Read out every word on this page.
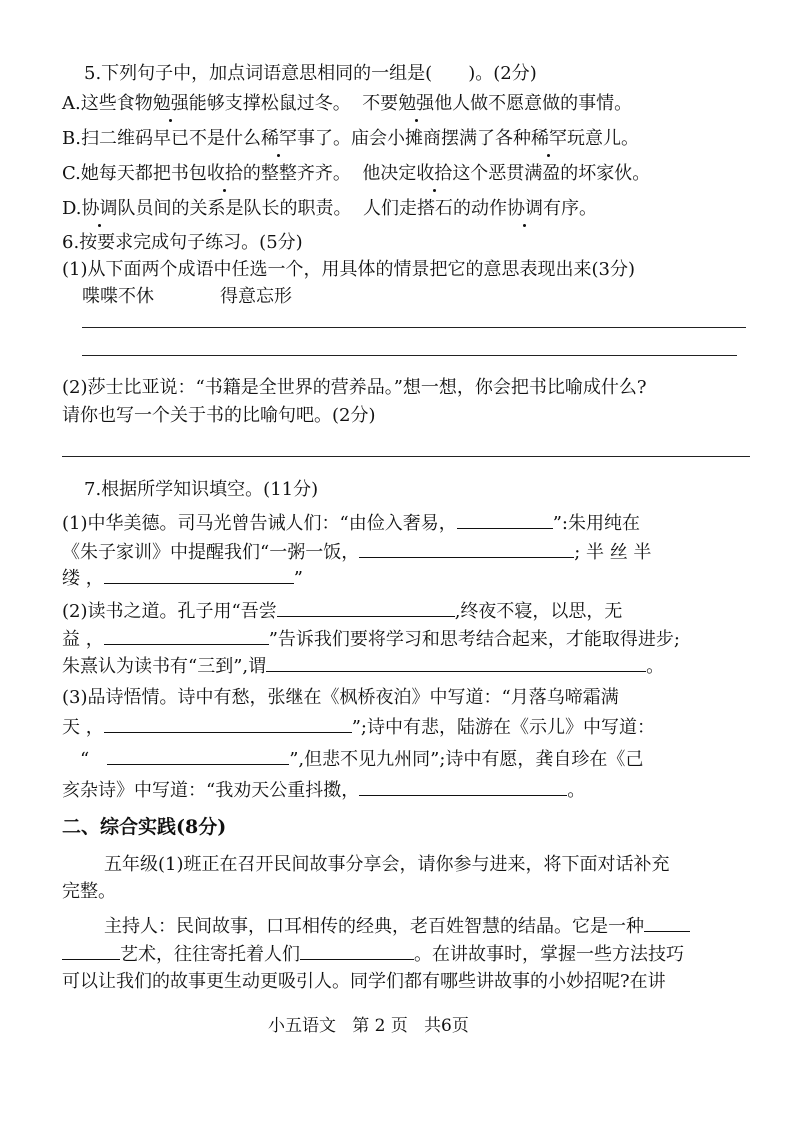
5.下列句子中，加点词语意思相同的一组是(　　)。(2分)
A.这些食物勉强能够支撑松鼠过冬。 不要勉强他人做不愿意做的事情。
B.扫二维码早已不是什么稀罕事了。庙会小摊商摆满了各种稀罕玩意儿。
C.她每天都把书包收拾的整整齐齐。 他决定收拾这个恶贯满盈的坏家伙。
D.协调队员间的关系是队长的职责。 人们走搭石的动作协调有序。
6.按要求完成句子练习。(5分)
(1)从下面两个成语中任选一个，用具体的情景把它的意思表现出来(3分)
喋喋不休	得意忘形
(2)莎士比亚说：“书籍是全世界的营养品。”想一想，你会把书比喻成什么?
请你也写一个关于书的比喻句吧。(2分)
7.根据所学知识填空。(11分)
(1)中华美德。司马光曾告诫人们：“由俭入奢易，	”:朱用纯在
《朱子家训》中提醒我们“一粥一饭，	; 半 丝 半
缕 ，	”
(2)读书之道。孔子用“吾尝	,终夜不寝，以思，无
益 ，	”告诉我们要将学习和思考结合起来，才能取得进步;
朱熹认为读书有“三到”,谓	。
(3)品诗悟情。诗中有愁，张继在《枫桥夜泊》中写道：“月落乌啼霜满
天 ，	”;诗中有悲，陆游在《示儿》中写道：
“	”,但悲不见九州同”;诗中有愿，龚自珍在《己
亥杂诗》中写道：“我劝天公重抖擞，	。
二、综合实践(8分)
五年级(1)班正在召开民间故事分享会，请你参与进来，将下面对话补充
完整。
主持人：民间故事，口耳相传的经典，老百姓智慧的结晶。它是一种
艺术，往往寄托着人们	。在讲故事时，掌握一些方法技巧
可以让我们的故事更生动更吸引人。同学们都有哪些讲故事的小妙招呢?在讲
小五语文 第 2 页 共6页
